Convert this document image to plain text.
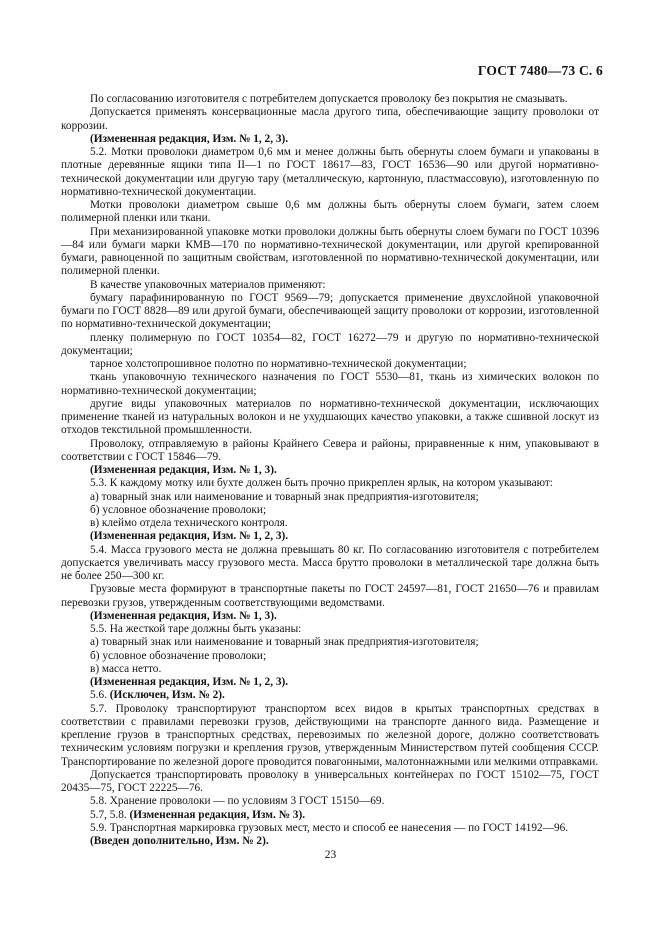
ГОСТ 7480—73 С. 6

По согласованию изготовителя с потребителем допускается проволоку без покрытия не смазывать.

Допускается применять консервационные масла другого типа, обеспечивающие защиту проволоки от коррозии.

(Измененная редакция, Изм. № 1, 2, 3).

5.2. Мотки проволоки диаметром 0,6 мм и менее должны быть обернуты слоем бумаги и упакованы в плотные деревянные ящики типа II—1 по ГОСТ 18617—83, ГОСТ 16536—90 или другой нормативно-технической документации или другую тару (металлическую, картонную, пластмассовую), изготовленную по нормативно-технической документации.

Мотки проволоки диаметром свыше 0,6 мм должны быть обернуты слоем бумаги, затем слоем полимерной пленки или ткани.

При механизированной упаковке мотки проволоки должны быть обернуты слоем бумаги по ГОСТ 10396—84 или бумаги марки КМВ—170 по нормативно-технической документации, или другой крепированной бумаги, равноценной по защитным свойствам, изготовленной по нормативно-технической документации, или полимерной пленки.

В качестве упаковочных материалов применяют:

бумагу парафинированную по ГОСТ 9569—79; допускается применение двухслойной упаковочной бумаги по ГОСТ 8828—89 или другой бумаги, обеспечивающей защиту проволоки от коррозии, изготовленной по нормативно-технической документации;

пленку полимерную по ГОСТ 10354—82, ГОСТ 16272—79 и другую по нормативно-технической документации;

тарное холстопрошивное полотно по нормативно-технической документации;

ткань упаковочную технического назначения по ГОСТ 5530—81, ткань из химических волокон по нормативно-технической документации;

другие виды упаковочных материалов по нормативно-технической документации, исключающих применение тканей из натуральных волокон и не ухудшающих качество упаковки, а также сшивной лоскут из отходов текстильной промышленности.

Проволоку, отправляемую в районы Крайнего Севера и районы, приравненные к ним, упаковывают в соответствии с ГОСТ 15846—79.

(Измененная редакция, Изм. № 1, 3).

5.3. К каждому мотку или бухте должен быть прочно прикреплен ярлык, на котором указывают:

а) товарный знак или наименование и товарный знак предприятия-изготовителя;

б) условное обозначение проволоки;

в) клеймо отдела технического контроля.

(Измененная редакция, Изм. № 1, 2, 3).

5.4. Масса грузового места не должна превышать 80 кг. По согласованию изготовителя с потребителем допускается увеличивать массу грузового места. Масса брутто проволоки в металлической таре должна быть не более 250—300 кг.

Грузовые места формируют в транспортные пакеты по ГОСТ 24597—81, ГОСТ 21650—76 и правилам перевозки грузов, утвержденным соответствующими ведомствами.

(Измененная редакция, Изм. № 1, 3).

5.5. На жесткой таре должны быть указаны:

а) товарный знак или наименование и товарный знак предприятия-изготовителя;

б) условное обозначение проволоки;

в) масса нетто.

(Измененная редакция, Изм. № 1, 2, 3).

5.6. (Исключен, Изм. № 2).

5.7. Проволоку транспортируют транспортом всех видов в крытых транспортных средствах в соответствии с правилами перевозки грузов, действующими на транспорте данного вида. Размещение и крепление грузов в транспортных средствах, перевозимых по железной дороге, должно соответствовать техническим условиям погрузки и крепления грузов, утвержденным Министерством путей сообщения СССР. Транспортирование по железной дороге проводится повагонными, малотоннажными или мелкими отправками.

Допускается транспортировать проволоку в универсальных контейнерах по ГОСТ 15102—75, ГОСТ 20435—75, ГОСТ 22225—76.

5.8. Хранение проволоки — по условиям 3 ГОСТ 15150—69.

5.7, 5.8. (Измененная редакция, Изм. № 3).

5.9. Транспортная маркировка грузовых мест, место и способ ее нанесения — по ГОСТ 14192—96.

(Введен дополнительно, Изм. № 2).

23
